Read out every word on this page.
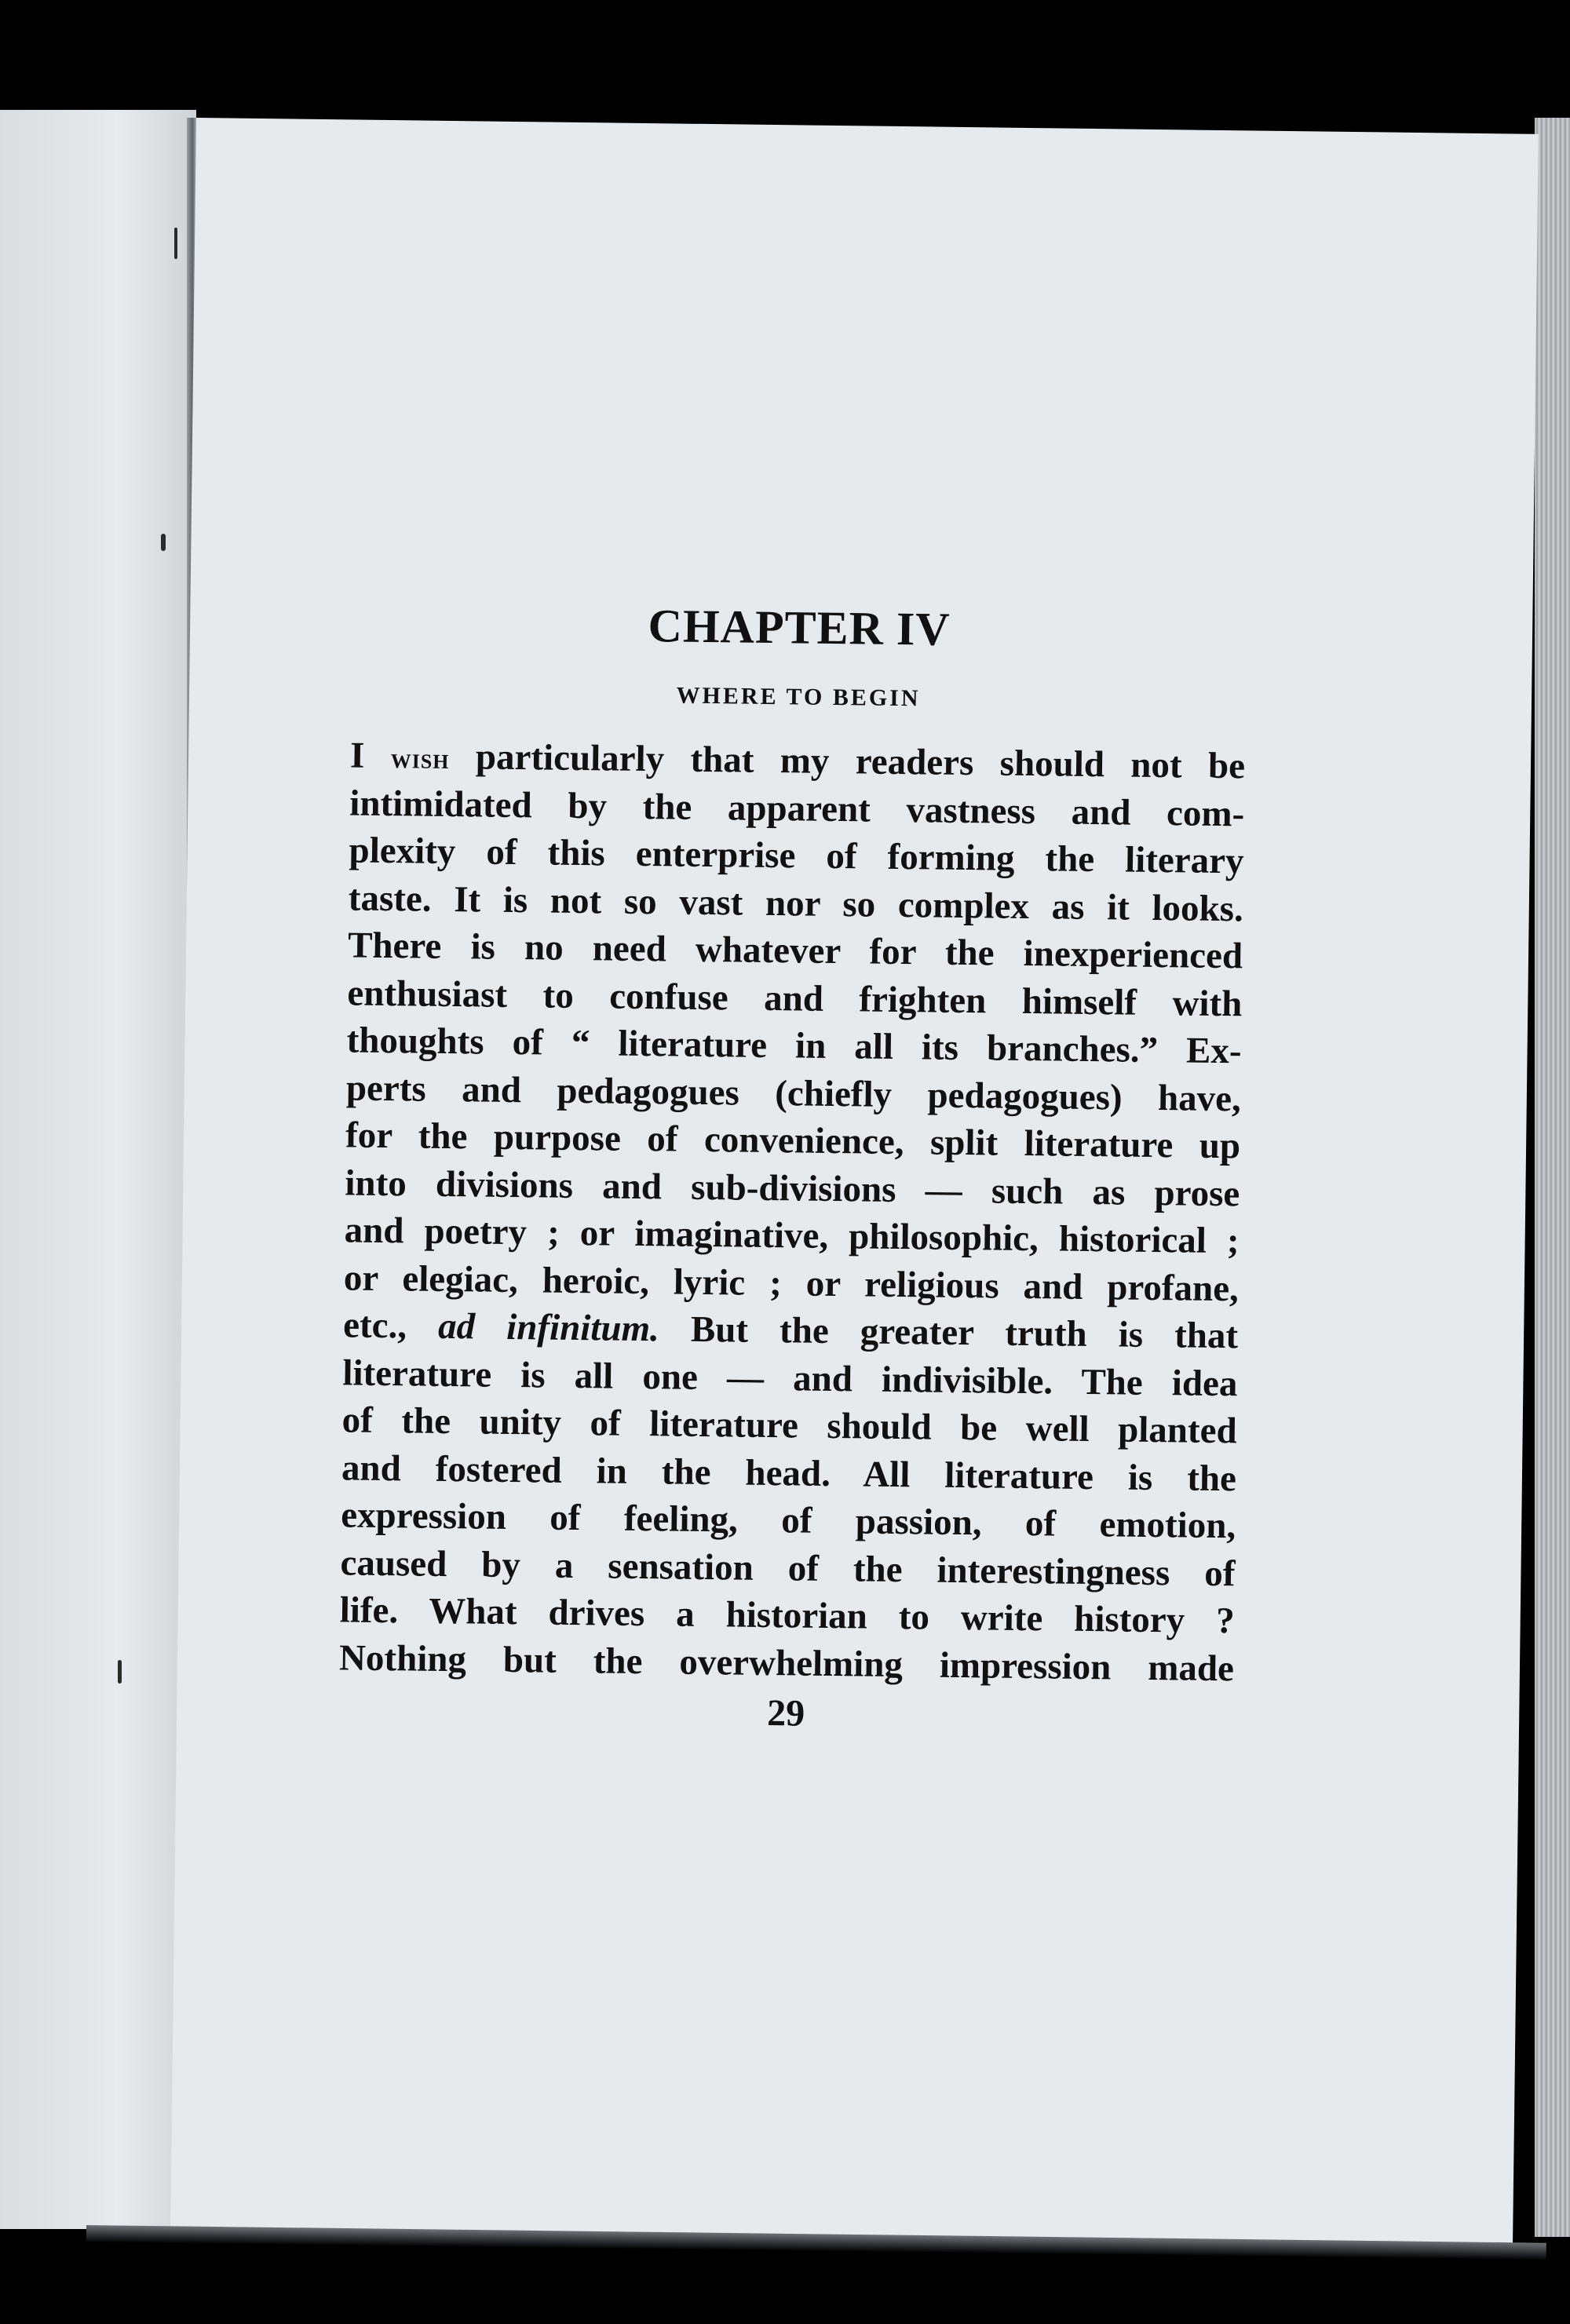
CHAPTER IV
WHERE TO BEGIN
I wish particularly that my readers should not be
intimidated by the apparent vastness and com-
plexity of this enterprise of forming the literary
taste. It is not so vast nor so complex as it looks.
There is no need whatever for the inexperienced
enthusiast to confuse and frighten himself with
thoughts of “ literature in all its branches.” Ex-
perts and pedagogues (chiefly pedagogues) have,
for the purpose of convenience, split literature up
into divisions and sub-divisions — such as prose
and poetry ; or imaginative, philosophic, historical ;
or elegiac, heroic, lyric ; or religious and profane,
etc., ad infinitum. But the greater truth is that
literature is all one — and indivisible. The idea
of the unity of literature should be well planted
and fostered in the head. All literature is the
expression of feeling, of passion, of emotion,
caused by a sensation of the interestingness of
life. What drives a historian to write history ?
Nothing but the overwhelming impression made
29
